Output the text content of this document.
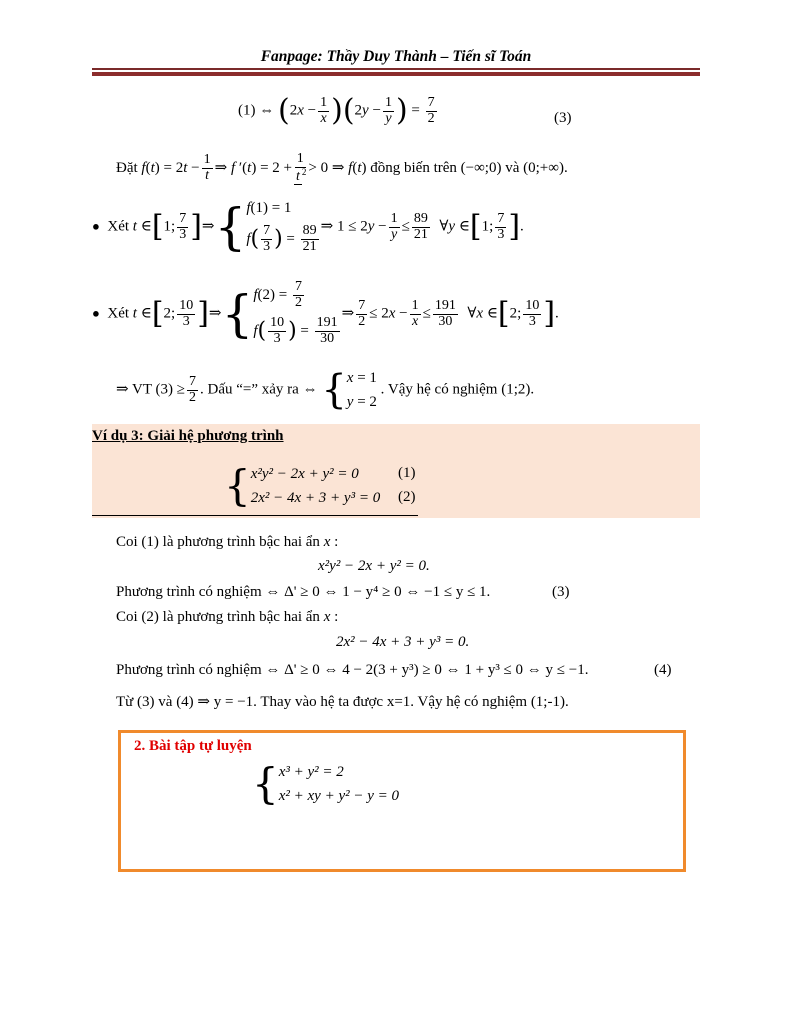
Fanpage: Thầy Duy Thành – Tiến sĩ Toán
(1) ⇔ $(2x - \frac{1}{x} )(2y - \frac{1}{y}$ ) = $\frac{7}{2}$	(3)
Đặt $f(t) = 2t - \frac{1}{t}$ ⇒ f $'(t) = 2 + \frac{1}{t ^2} > 0$ ⇒ f(t) đồng biến trên (−∞;0) và (0;+∞).
● Xét t ∈[1; $\frac{7}{3}$ ]⇒{ f(1) = 1
$f( \frac{7}{3}$ ) = $\frac{89}{21}$ ⇒ $1 \le 2y - \frac{1}{y} \le \frac{89}{21}$ ∀y ∈[1; $\frac{7}{3}$ ].
● Xét t ∈[2; $\frac{10}{3}$ ]⇒{ $f(2) = \frac{7}{2}$
$f( \frac{10}{3}$ ) = $\frac{191}{30}$
⇒ $\frac{7}{2} \le 2x - \frac{1}{x} \le \frac{191}{30}$ ∀x ∈[2; $\frac{10}{3}$ ].
⇒ VT $(3) \ge \frac{7}{2}$ . Dấu “=” xảy ra ⇔ { x = 1
y = 2
. Vậy hệ có nghiệm (1;2).
Ví dụ 3: Giải hệ phương trình
{ x²y² − 2x + y² = 0
2x² − 4x + 3 + y³ = 0
(1)
(2)
Coi (1) là phương trình bậc hai ẩn x :
x²y² − 2x + y² = 0.
Phương trình có nghiệm ⇔ Δ' ≥ 0 ⇔ 1 − y⁴ ≥ 0 ⇔ −1 ≤ y ≤ 1.	(3)
Coi (2) là phương trình bậc hai ẩn x :
2x² − 4x + 3 + y³ = 0.
Phương trình có nghiệm ⇔ Δ' ≥ 0 ⇔ 4 − 2(3 + y³) ≥ 0 ⇔ 1 + y³ ≤ 0 ⇔ y ≤ −1.	(4)
Từ (3) và (4) ⇒ y = −1. Thay vào hệ ta được x=1. Vậy hệ có nghiệm (1;-1).
2. Bài tập tự luyện
{ x³ + y² = 2
x² + xy + y² − y = 0
